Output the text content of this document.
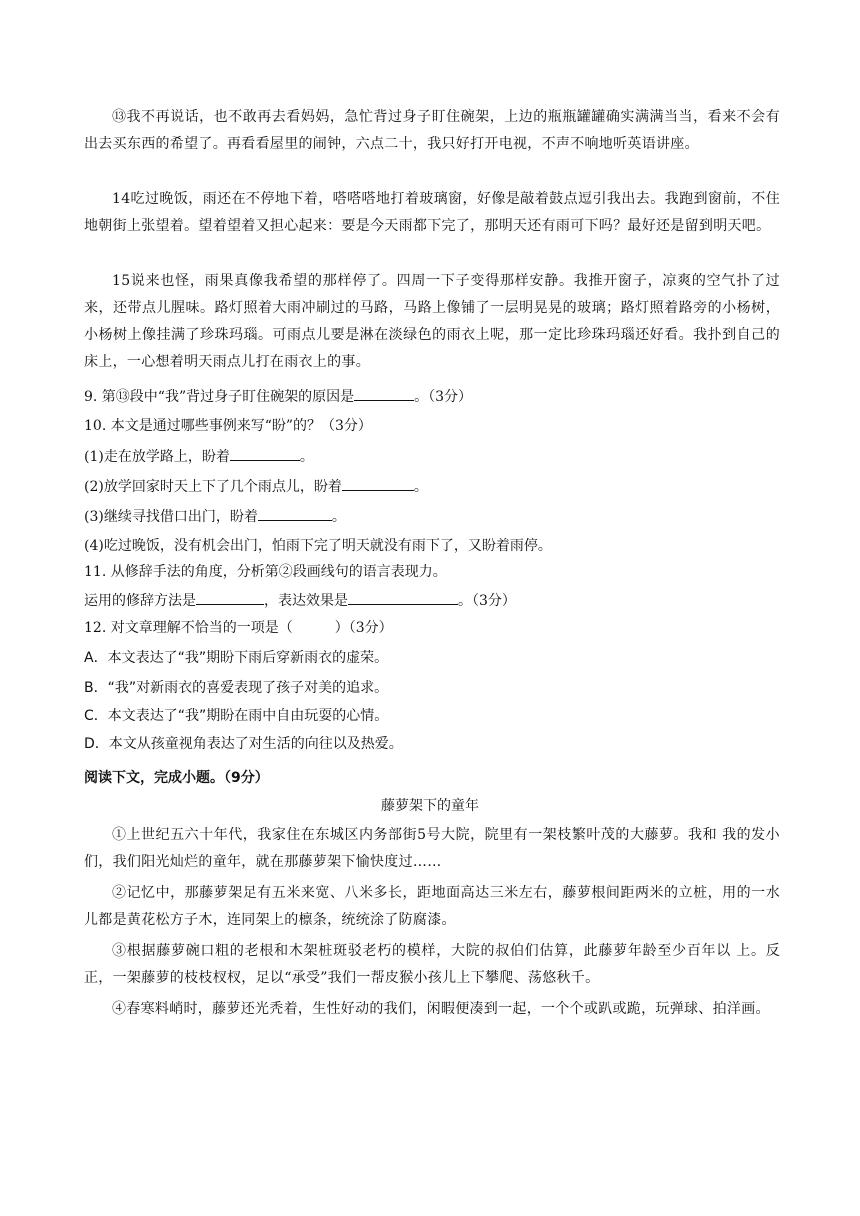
⑬我不再说话，也不敢再去看妈妈，急忙背过身子盯住碗架，上边的瓶瓶罐罐确实满满当当，看来不会有出去买东西的希望了。再看看屋里的闹钟，六点二十，我只好打开电视，不声不响地听英语讲座。
14吃过晚饭，雨还在不停地下着，嗒嗒嗒地打着玻璃窗，好像是敲着鼓点逗引我出去。我跑到窗前，不住地朝街上张望着。望着望着又担心起来：要是今天雨都下完了，那明天还有雨可下吗？最好还是留到明天吧。
15说来也怪，雨果真像我希望的那样停了。四周一下子变得那样安静。我推开窗子，凉爽的空气扑了过来，还带点儿腥味。路灯照着大雨冲刷过的马路，马路上像铺了一层明晃晃的玻璃；路灯照着路旁的小杨树，小杨树上像挂满了珍珠玛瑙。可雨点儿要是淋在淡绿色的雨衣上呢，那一定比珍珠玛瑙还好看。我扑到自己的床上，一心想着明天雨点儿打在雨衣上的事。
9. 第⑬段中“我”背过身子盯住碗架的原因是	。（3分）
10. 本文是通过哪些事例来写“盼”的？（3分）
(1)走在放学路上，盼着	。
(2)放学回家时天上下了几个雨点儿，盼着	。
(3)继续寻找借口出门，盼着	。
(4)吃过晚饭，没有机会出门，怕雨下完了明天就没有雨下了，又盼着雨停。
11. 从修辞手法的角度，分析第②段画线句的语言表现力。
运用的修辞方法是	，表达效果是	。（3分）
12. 对文章理解不恰当的一项是（　　　）（3分）
A．本文表达了“我”期盼下雨后穿新雨衣的虚荣。
B．“我”对新雨衣的喜爱表现了孩子对美的追求。
C．本文表达了“我”期盼在雨中自由玩耍的心情。
D．本文从孩童视角表达了对生活的向往以及热爱。
阅读下文，完成小题。（9分）
藤萝架下的童年
①上世纪五六十年代，我家住在东城区内务部街5号大院，院里有一架枝繁叶茂的大藤萝。我和 我的发小们，我们阳光灿烂的童年，就在那藤萝架下愉快度过……
②记忆中，那藤萝架足有五米来宽、八米多长，距地面高达三米左右，藤萝根间距两米的立桩，用的一水儿都是黄花松方子木，连同架上的檩条，统统涂了防腐漆。
③根据藤萝碗口粗的老根和木架桩斑驳老朽的模样，大院的叔伯们估算，此藤萝年龄至少百年以 上。反正，一架藤萝的枝枝杈杈，足以“承受”我们一帮皮猴小孩儿上下攀爬、荡悠秋千。
④春寒料峭时，藤萝还光秃着，生性好动的我们，闲暇便凑到一起，一个个或趴或跪，玩弹球、拍洋画。
